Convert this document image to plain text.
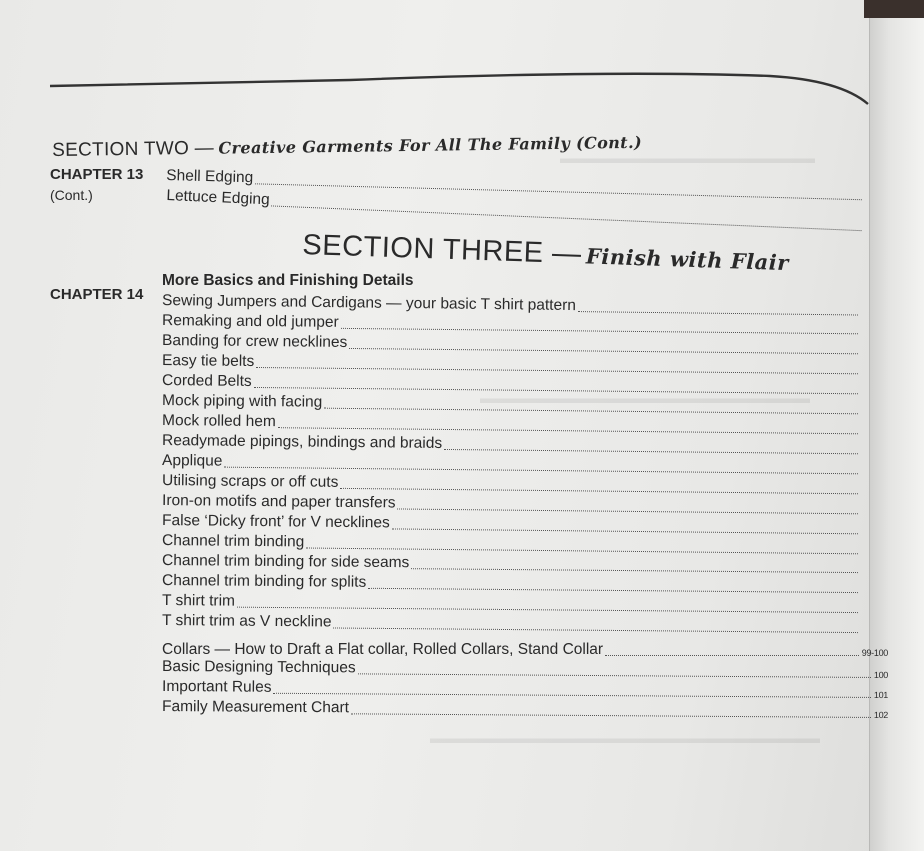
▬▬▬▬▬▬▬▬▬▬▬▬▬▬▬▬▬
▬▬▬▬▬▬▬▬▬▬▬▬▬▬▬▬▬▬▬▬▬▬
▬▬▬▬▬▬▬▬▬▬▬▬▬▬▬▬▬▬▬▬▬▬▬▬▬▬
SECTION TWO — Creative Garments For All The Family (Cont.)
CHAPTER 13
(Cont.)
Shell Edging
Lettuce Edging
SECTION THREE — Finish with Flair
CHAPTER 14
More Basics and Finishing Details
Sewing Jumpers and Cardigans — your basic T shirt pattern
Remaking and old jumper
Banding for crew necklines
Easy tie belts
Corded Belts
Mock piping with facing
Mock rolled hem
Readymade pipings, bindings and braids
Applique
Utilising scraps or off cuts
Iron-on motifs and paper transfers
False ‘Dicky front’ for V necklines
Channel trim binding
Channel trim binding for side seams
Channel trim binding for splits
T shirt trim
T shirt trim as V neckline
Collars — How to Draft a Flat collar, Rolled Collars, Stand Collar	99-100
Basic Designing Techniques	100
Important Rules	101
Family Measurement Chart	102
